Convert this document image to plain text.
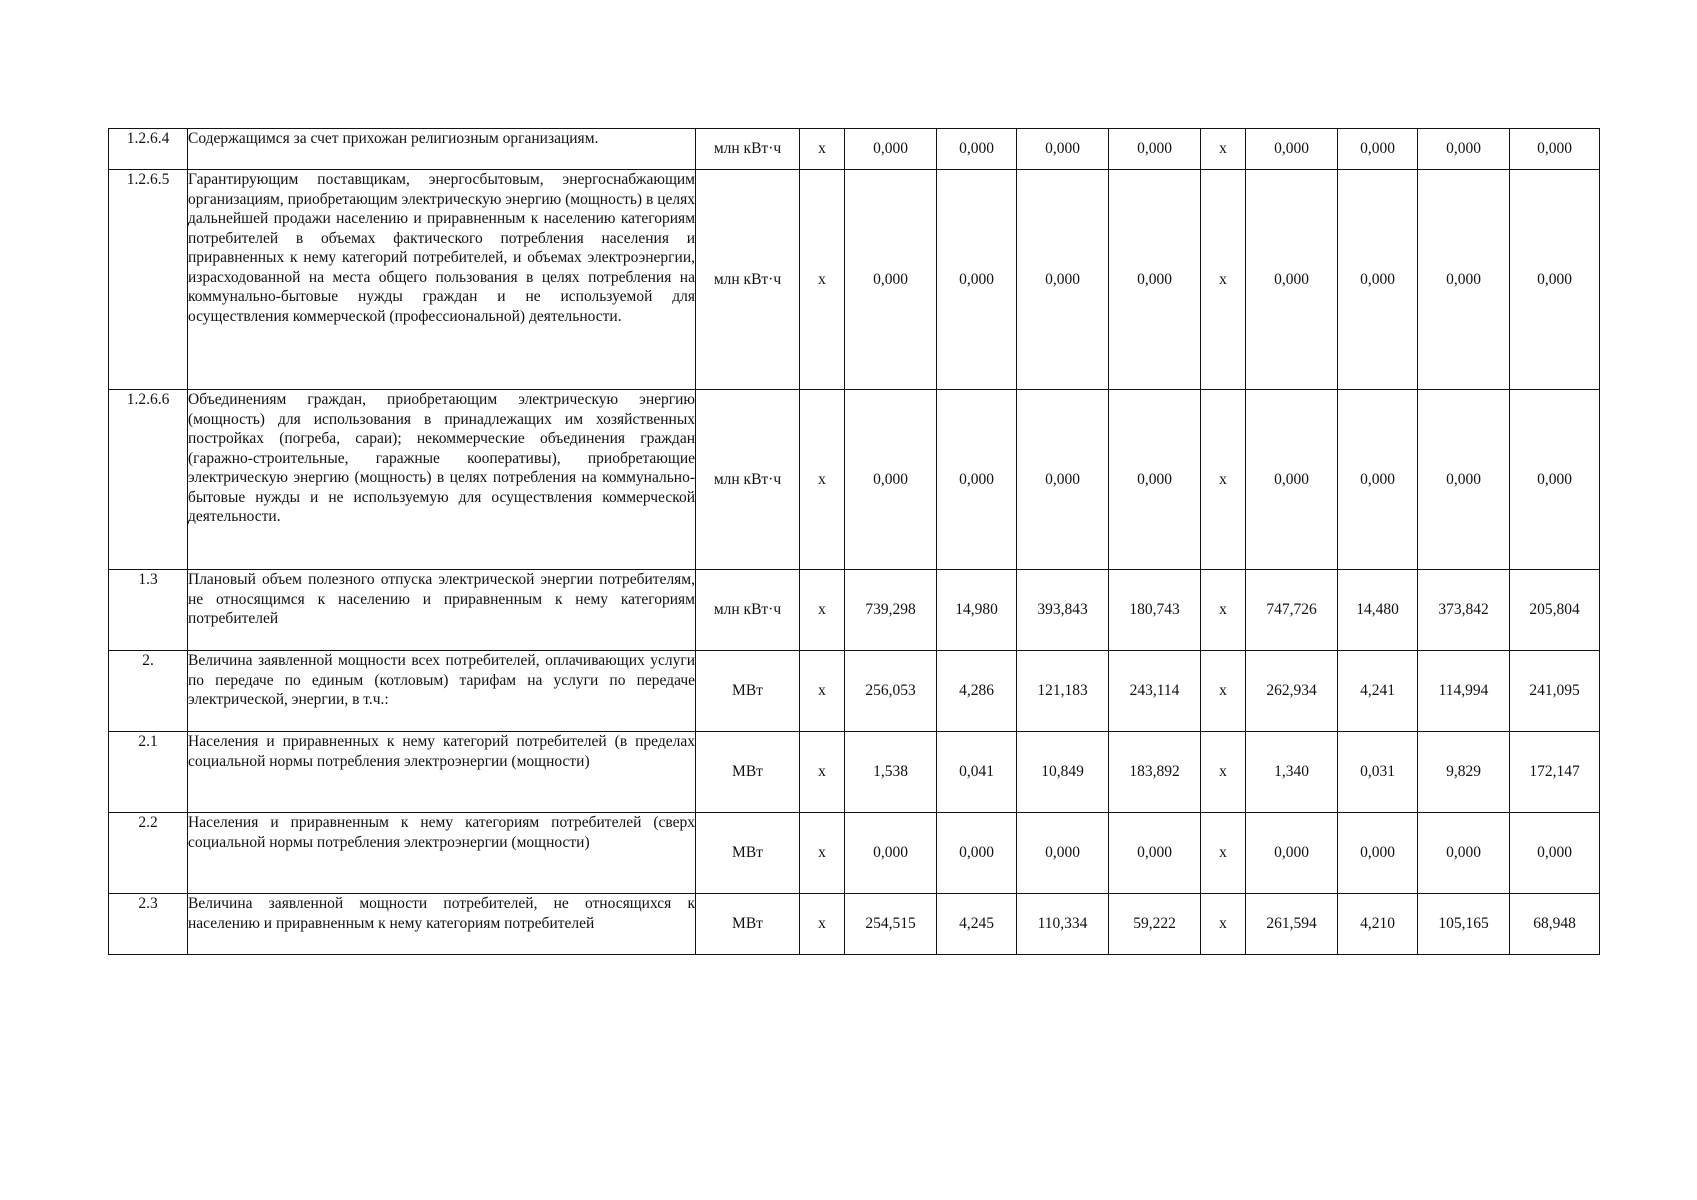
1.2.6.4	Содержащимся за счет прихожан религиозным организациям.	млн кВт·ч	х	0,000	0,000	0,000	0,000	х	0,000	0,000	0,000	0,000
1.2.6.5	Гарантирующим поставщикам, энергосбытовым, энергоснабжающим организациям, приобретающим электрическую энергию (мощность) в целях дальнейшей продажи населению и приравненным к населению категориям потребителей в объемах фактического потребления населения и приравненных к нему категорий потребителей, и объемах электроэнергии, израсходованной на места общего пользования в целях потребления на коммунально-бытовые нужды граждан и не используемой для осуществления коммерческой (профессиональной) деятельности.	млн кВт·ч	х	0,000	0,000	0,000	0,000	х	0,000	0,000	0,000	0,000
1.2.6.6	Объединениям граждан, приобретающим электрическую энергию (мощность) для использования в принадлежащих им хозяйственных постройках (погреба, сараи); некоммерческие объединения граждан (гаражно-строительные, гаражные кооперативы), приобретающие электрическую энергию (мощность) в целях потребления на коммунально-бытовые нужды и не используемую для осуществления коммерческой деятельности.	млн кВт·ч	х	0,000	0,000	0,000	0,000	х	0,000	0,000	0,000	0,000
1.3	Плановый объем полезного отпуска электрической энергии потребителям, не относящимся к населению и приравненным к нему категориям потребителей	млн кВт·ч	х	739,298	14,980	393,843	180,743	х	747,726	14,480	373,842	205,804
2.	Величина заявленной мощности всех потребителей, оплачивающих услуги по передаче по единым (котловым) тарифам на услуги по передаче электрической, энергии, в т.ч.:	МВт	х	256,053	4,286	121,183	243,114	х	262,934	4,241	114,994	241,095
2.1	Населения и приравненных к нему категорий потребителей (в пределах социальной нормы потребления электроэнергии (мощности)	МВт	х	1,538	0,041	10,849	183,892	х	1,340	0,031	9,829	172,147
2.2	Населения и приравненным к нему категориям потребителей (сверх социальной нормы потребления электроэнергии (мощности)	МВт	х	0,000	0,000	0,000	0,000	х	0,000	0,000	0,000	0,000
2.3	Величина заявленной мощности потребителей, не относящихся к населению и приравненным к нему категориям потребителей	МВт	х	254,515	4,245	110,334	59,222	х	261,594	4,210	105,165	68,948
